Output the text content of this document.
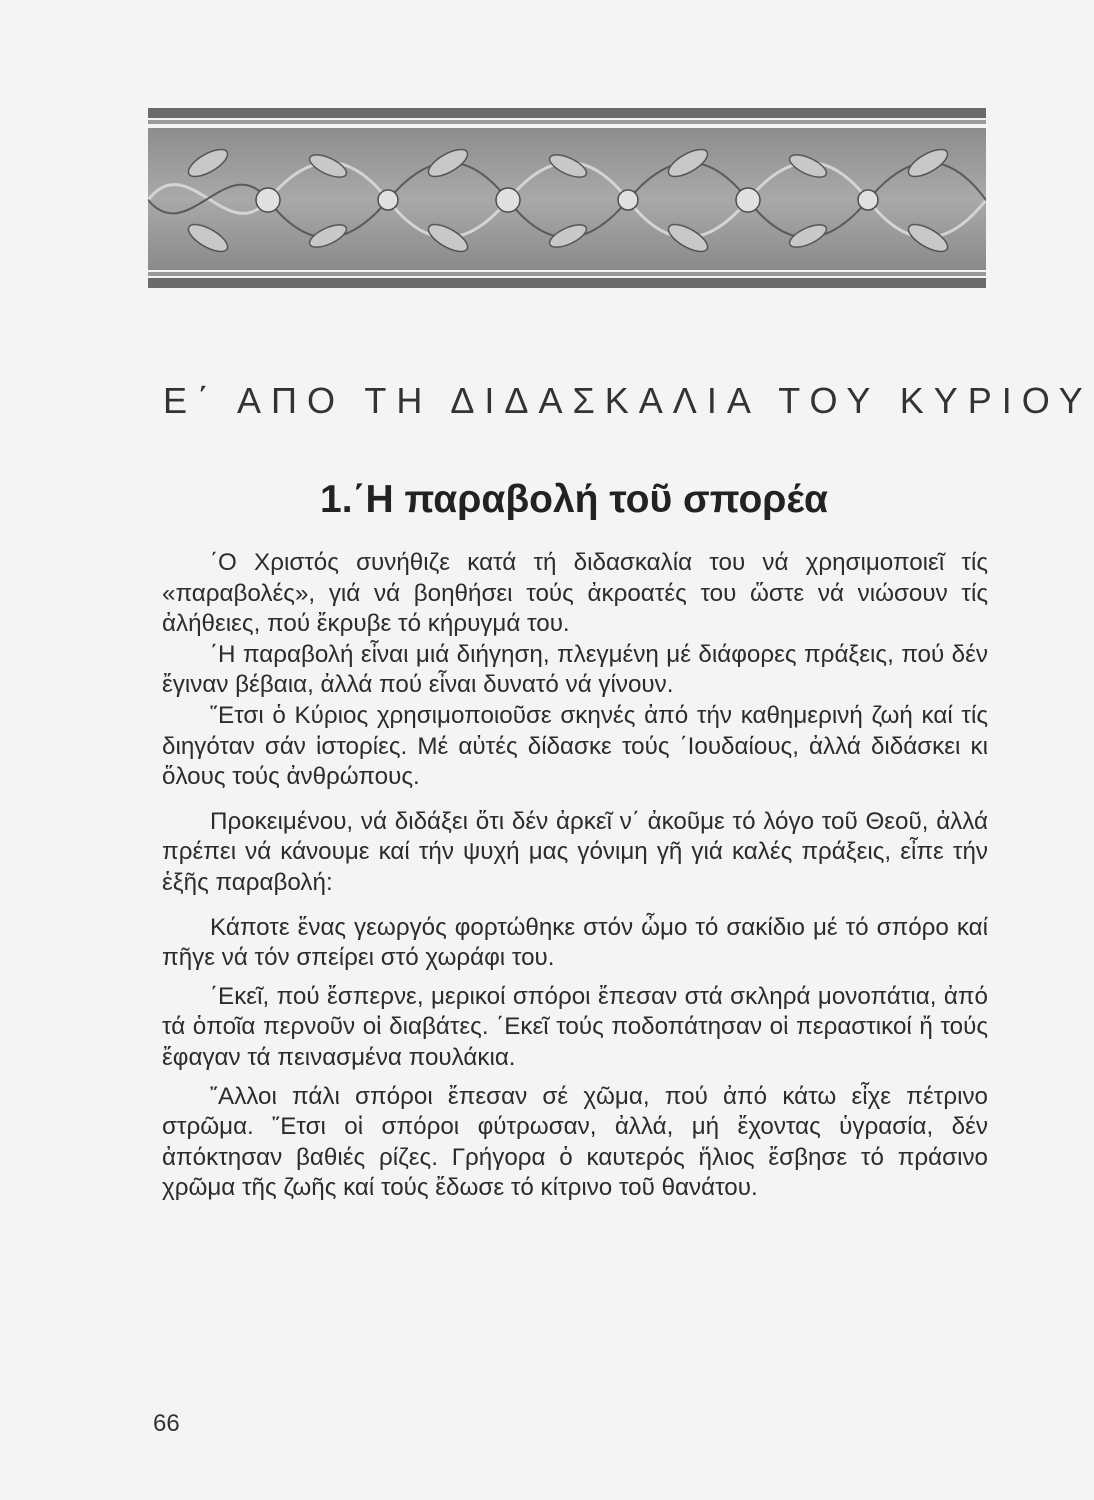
Ε΄ ΑΠΟ ΤΗ ΔΙΔΑΣΚΑΛΙΑ ΤΟΥ ΚΥΡΙΟΥ
1.΄Η παραβολή τοῦ σπορέα

΄Ο Χριστός συνήθιζε κατά τή διδασκαλία του νά χρησιμοποιεῖ τίς «παραβολές», γιά νά βοηθήσει τούς ἀκροατές του ὥστε νά νιώσουν τίς ἀλήθειες, πού ἔκρυβε τό κήρυγμά του.

΄Η παραβολή εἶναι μιά διήγηση, πλεγμένη μέ διάφορες πράξεις, πού δέν ἔγιναν βέβαια, ἀλλά πού εἶναι δυνατό νά γίνουν.

῞Ετσι ὁ Κύριος χρησιμοποιοῦσε σκηνές ἀπό τήν καθημερινή ζωή καί τίς διηγόταν σάν ἱστορίες. Μέ αὐτές δίδασκε τούς ΄Ιουδαίους, ἀλλά διδάσκει κι ὅλους τούς ἀνθρώπους.

Προκειμένου, νά διδάξει ὅτι δέν ἀρκεῖ ν΄ ἀκοῦμε τό λόγο τοῦ Θεοῦ, ἀλλά πρέπει νά κάνουμε καί τήν ψυχή μας γόνιμη γῆ γιά καλές πράξεις, εἶπε τήν ἑξῆς παραβολή:

Κάποτε ἕνας γεωργός φορτώθηκε στόν ὦμο τό σακίδιο μέ τό σπόρο καί πῆγε νά τόν σπείρει στό χωράφι του.

΄Εκεῖ, πού ἔσπερνε, μερικοί σπόροι ἔπεσαν στά σκληρά μονοπάτια, ἀπό τά ὁποῖα περνοῦν οἱ διαβάτες. ΄Εκεῖ τούς ποδοπάτησαν οἱ περαστικοί ἤ τούς ἔφαγαν τά πεινασμένα πουλάκια.

῎Αλλοι πάλι σπόροι ἔπεσαν σέ χῶμα, πού ἀπό κάτω εἶχε πέτρινο στρῶμα. ῞Ετσι οἱ σπόροι φύτρωσαν, ἀλλά, μή ἔχοντας ὑγρασία, δέν ἀπόκτησαν βαθιές ρίζες. Γρήγορα ὁ καυτερός ἥλιος ἔσβησε τό πράσινο χρῶμα τῆς ζωῆς καί τούς ἔδωσε τό κίτρινο τοῦ θανάτου.

66
